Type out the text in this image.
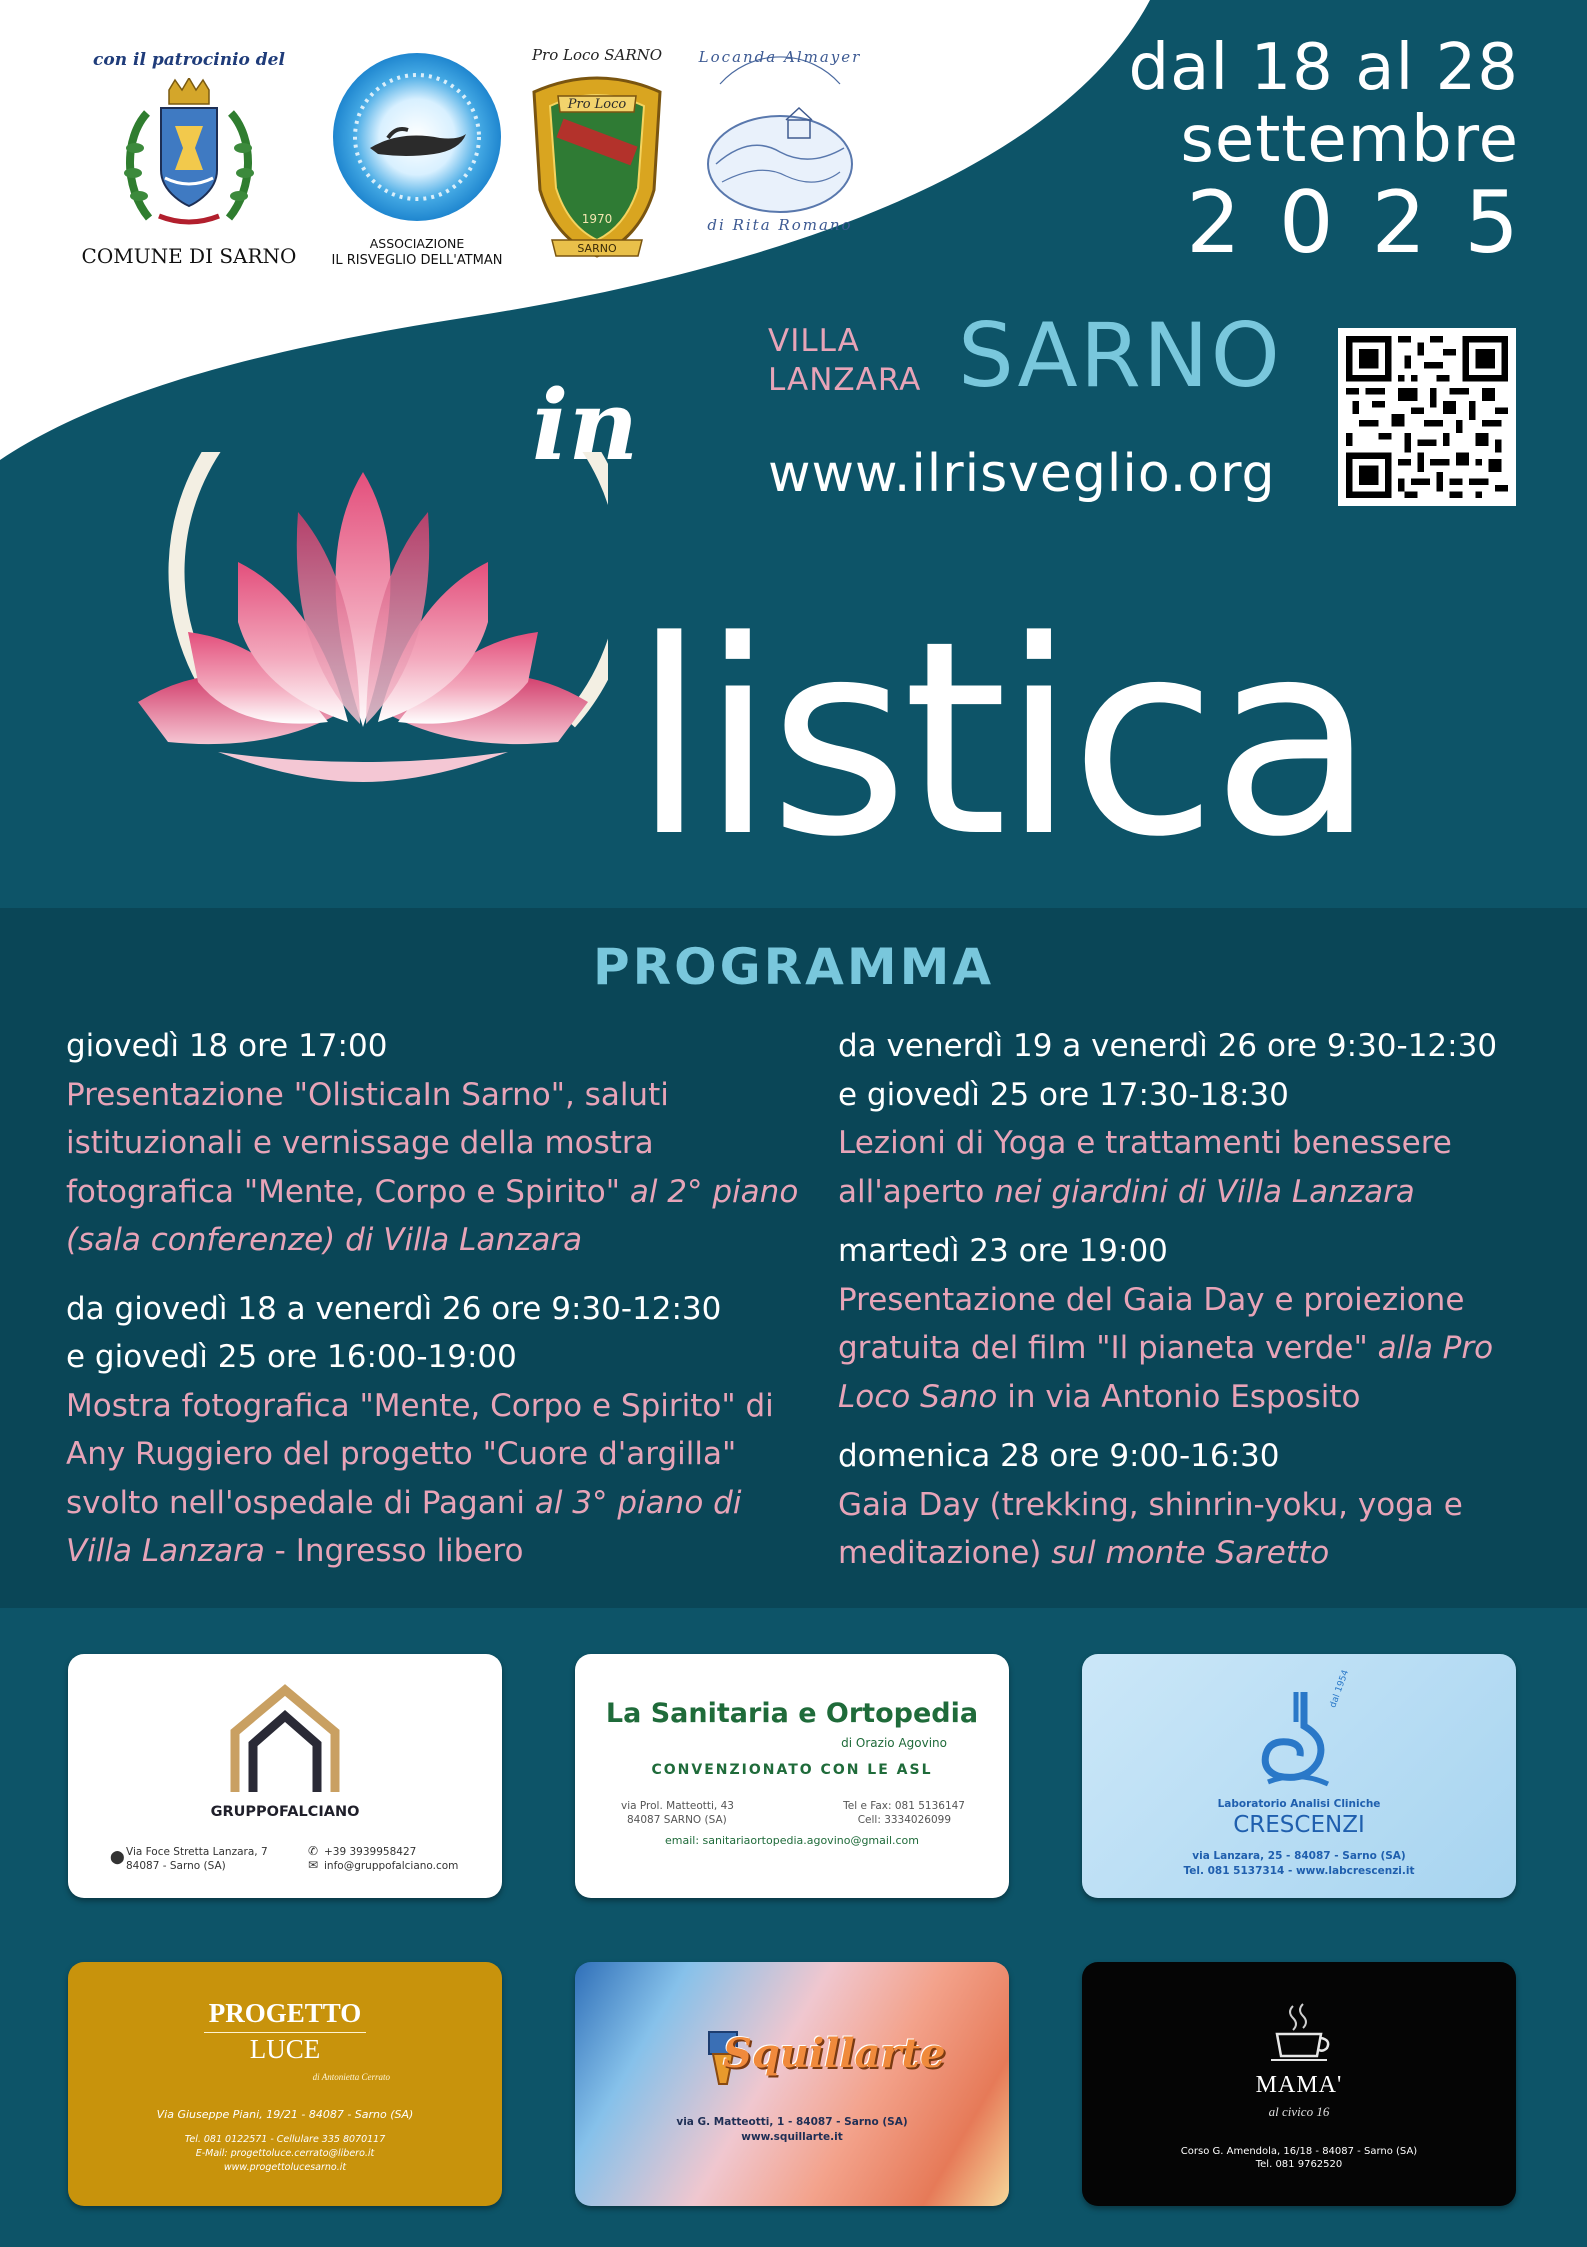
con il patrocinio del
COMUNE DI SARNO
ASSOCIAZIONE
IL RISVEGLIO DELL'ATMAN
Pro Loco SARNO
Pro Loco
1970
SARNO
Locanda Almayer
di Rita Romano
dal 18 al 28
settembre
2025
VILLA
LANZARA SARNO
www.ilrisveglio.org
in
listica
PROGRAMMA
giovedì 18 ore 17:00
Presentazione "OlisticaIn Sarno", saluti istituzionali e vernissage della mostra fotografica "Mente, Corpo e Spirito" al 2° piano (sala conferenze) di Villa Lanzara
da giovedì 18 a venerdì 26 ore 9:30-12:30
e giovedì 25 ore 16:00-19:00
Mostra fotografica "Mente, Corpo e Spirito" di Any Ruggiero del progetto "Cuore d'argilla" svolto nell'ospedale di Pagani al 3° piano di Villa Lanzara - Ingresso libero
da venerdì 19 a venerdì 26 ore 9:30-12:30
e giovedì 25 ore 17:30-18:30
Lezioni di Yoga e trattamenti benessere all'aperto nei giardini di Villa Lanzara
martedì 23 ore 19:00
Presentazione del Gaia Day e proiezione gratuita del film "Il pianeta verde" alla Pro Loco Sano in via Antonio Esposito
domenica 28 ore 9:00-16:30
Gaia Day (trekking, shinrin-yoku, yoga e meditazione) sul monte Saretto
GRUPPOFALCIANO
⬤ Via Foce Stretta Lanzara, 7
84087 - Sarno (SA)
✆ +39 3939958427
✉ info@gruppofalciano.com
La Sanitaria e Ortopedia
di Orazio Agovino
CONVENZIONATO CON LE ASL
via Prol. Matteotti, 43
84087 SARNO (SA)
Tel e Fax: 081 5136147
Cell: 3334026099
email: sanitariaortopedia.agovino@gmail.com
dal 1954
Laboratorio Analisi Cliniche
CRESCENZI
via Lanzara, 25 - 84087 - Sarno (SA)
Tel. 081 5137314 - www.labcrescenzi.it
PROGETTO
LUCE
di Antonietta Cerrato
Via Giuseppe Piani, 19/21 - 84087 - Sarno (SA)
Tel. 081 0122571 - Cellulare 335 8070117
E-Mail: progettoluce.cerrato@libero.it
www.progettolucesarno.it
Squillarte
via G. Matteotti, 1 - 84087 - Sarno (SA)
www.squillarte.it
MAMA'
al civico 16
Corso G. Amendola, 16/18 - 84087 - Sarno (SA)
Tel. 081 9762520
